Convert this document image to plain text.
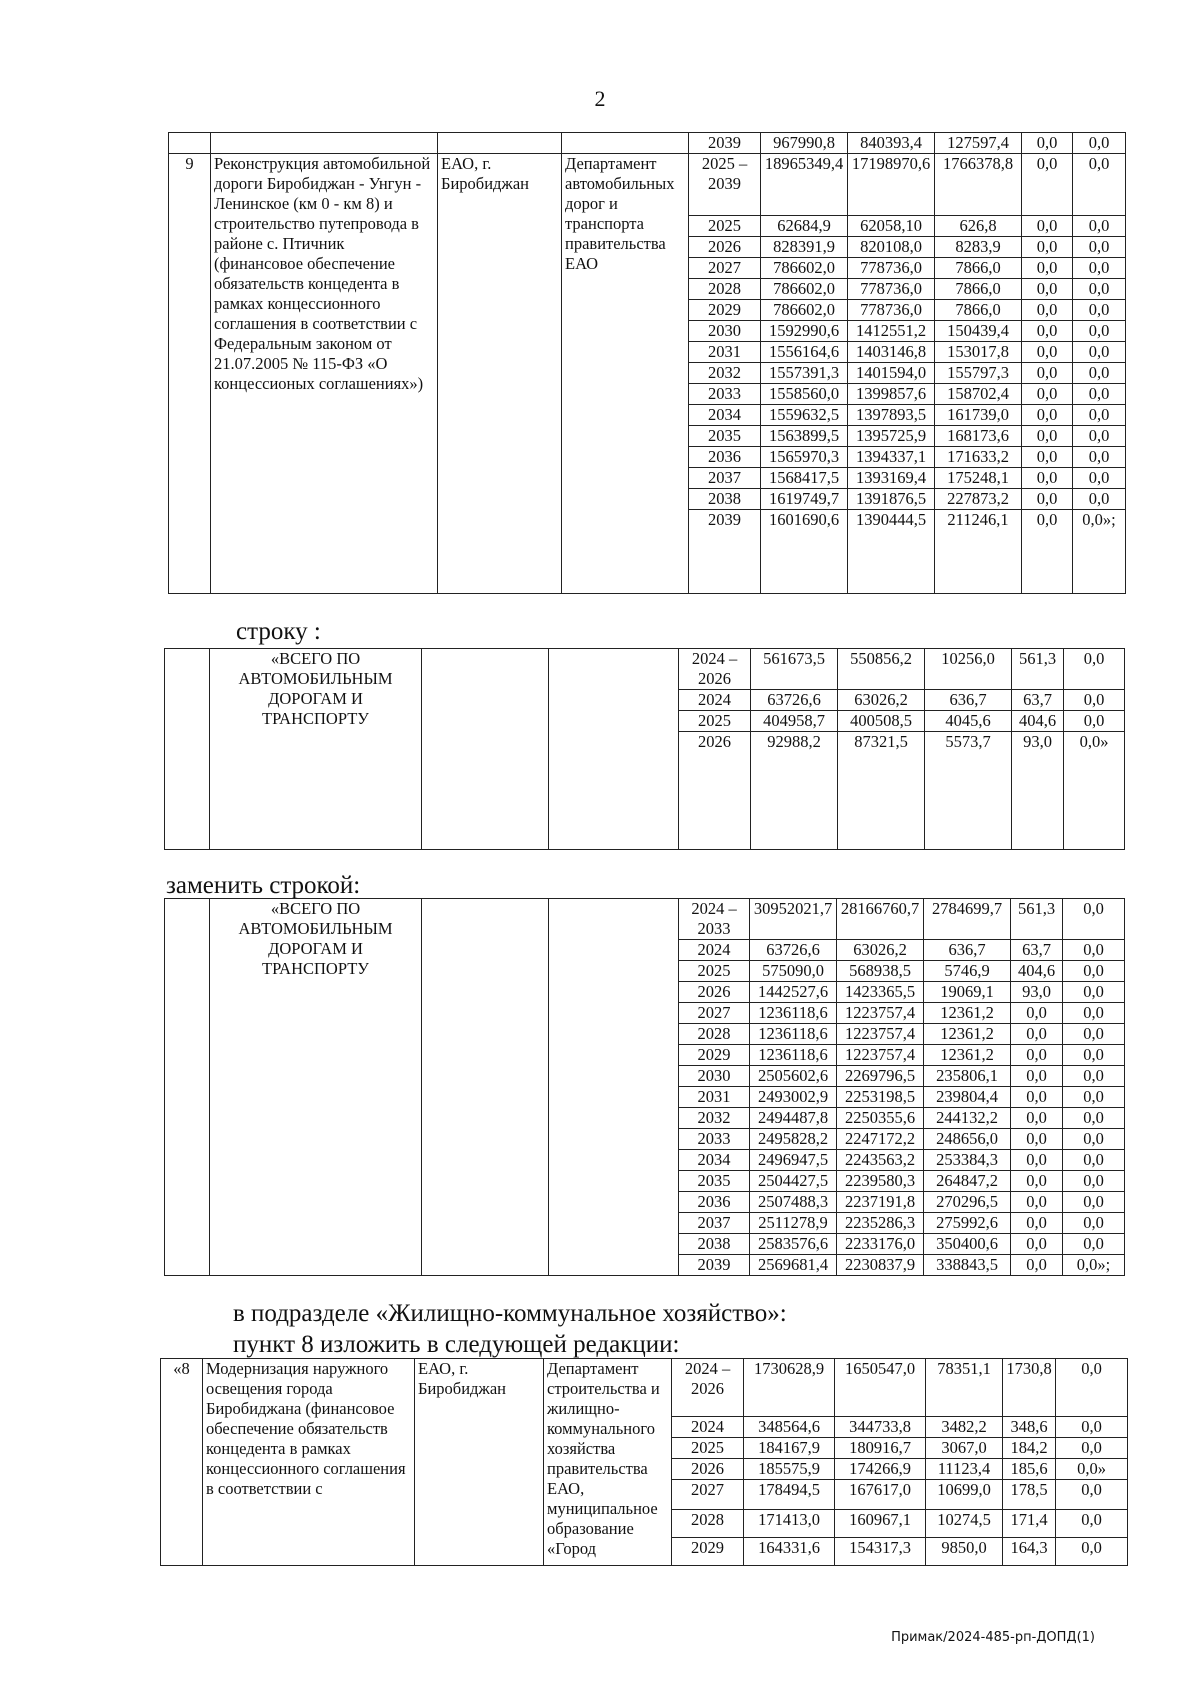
2
				2039	967990,8	840393,4	127597,4	0,0	0,0
9	Реконструкция автомобильной дороги Биробиджан - Унгун - Ленинское (км 0 - км 8) и строительство путепровода в районе с. Птичник (финансовое обеспечение обязательств концедента в рамках концессионного соглашения в соответствии с Федеральным законом от 21.07.2005 № 115-ФЗ «О концессионых соглашениях»)	ЕАО, г. Биробиджан	Департамент автомобильных дорог и транспорта правительства ЕАО	2025 – 2039	18965349,4	17198970,6	1766378,8	0,0	0,0
				2025	62684,9	62058,10	626,8	0,0	0,0
				2026	828391,9	820108,0	8283,9	0,0	0,0
				2027	786602,0	778736,0	7866,0	0,0	0,0
				2028	786602,0	778736,0	7866,0	0,0	0,0
				2029	786602,0	778736,0	7866,0	0,0	0,0
				2030	1592990,6	1412551,2	150439,4	0,0	0,0
				2031	1556164,6	1403146,8	153017,8	0,0	0,0
				2032	1557391,3	1401594,0	155797,3	0,0	0,0
				2033	1558560,0	1399857,6	158702,4	0,0	0,0
				2034	1559632,5	1397893,5	161739,0	0,0	0,0
				2035	1563899,5	1395725,9	168173,6	0,0	0,0
				2036	1565970,3	1394337,1	171633,2	0,0	0,0
				2037	1568417,5	1393169,4	175248,1	0,0	0,0
				2038	1619749,7	1391876,5	227873,2	0,0	0,0
				2039	1601690,6	1390444,5	211246,1	0,0	0,0»;
строку :
	«ВСЕГО ПО АВТОМОБИЛЬНЫМ ДОРОГАМ И ТРАНСПОРТУ			2024 – 2026	561673,5	550856,2	10256,0	561,3	0,0
				2024	63726,6	63026,2	636,7	63,7	0,0
				2025	404958,7	400508,5	4045,6	404,6	0,0
				2026	92988,2	87321,5	5573,7	93,0	0,0»
заменить строкой:
	«ВСЕГО ПО АВТОМОБИЛЬНЫМ ДОРОГАМ И ТРАНСПОРТУ			2024 – 2033	30952021,7	28166760,7	2784699,7	561,3	0,0
				2024	63726,6	63026,2	636,7	63,7	0,0
				2025	575090,0	568938,5	5746,9	404,6	0,0
				2026	1442527,6	1423365,5	19069,1	93,0	0,0
				2027	1236118,6	1223757,4	12361,2	0,0	0,0
				2028	1236118,6	1223757,4	12361,2	0,0	0,0
				2029	1236118,6	1223757,4	12361,2	0,0	0,0
				2030	2505602,6	2269796,5	235806,1	0,0	0,0
				2031	2493002,9	2253198,5	239804,4	0,0	0,0
				2032	2494487,8	2250355,6	244132,2	0,0	0,0
				2033	2495828,2	2247172,2	248656,0	0,0	0,0
				2034	2496947,5	2243563,2	253384,3	0,0	0,0
				2035	2504427,5	2239580,3	264847,2	0,0	0,0
				2036	2507488,3	2237191,8	270296,5	0,0	0,0
				2037	2511278,9	2235286,3	275992,6	0,0	0,0
				2038	2583576,6	2233176,0	350400,6	0,0	0,0
				2039	2569681,4	2230837,9	338843,5	0,0	0,0»;
в подразделе «Жилищно-коммунальное хозяйство»:
пункт 8 изложить в следующей редакции:
«8	Модернизация наружного освещения города Биробиджана (финансовое обеспечение обязательств концедента в рамках концессионного соглашения в соответствии с	ЕАО, г. Биробиджан	Департамент строительства и жилищно-коммунального хозяйства правительства ЕАО, муниципальное образование «Город	2024 – 2026	1730628,9	1650547,0	78351,1	1730,8	0,0
				2024	348564,6	344733,8	3482,2	348,6	0,0
				2025	184167,9	180916,7	3067,0	184,2	0,0
				2026	185575,9	174266,9	11123,4	185,6	0,0»
				2027	178494,5	167617,0	10699,0	178,5	0,0
				2028	171413,0	160967,1	10274,5	171,4	0,0
				2029	164331,6	154317,3	9850,0	164,3	0,0
Примак/2024-485-рп-ДОПД(1)
